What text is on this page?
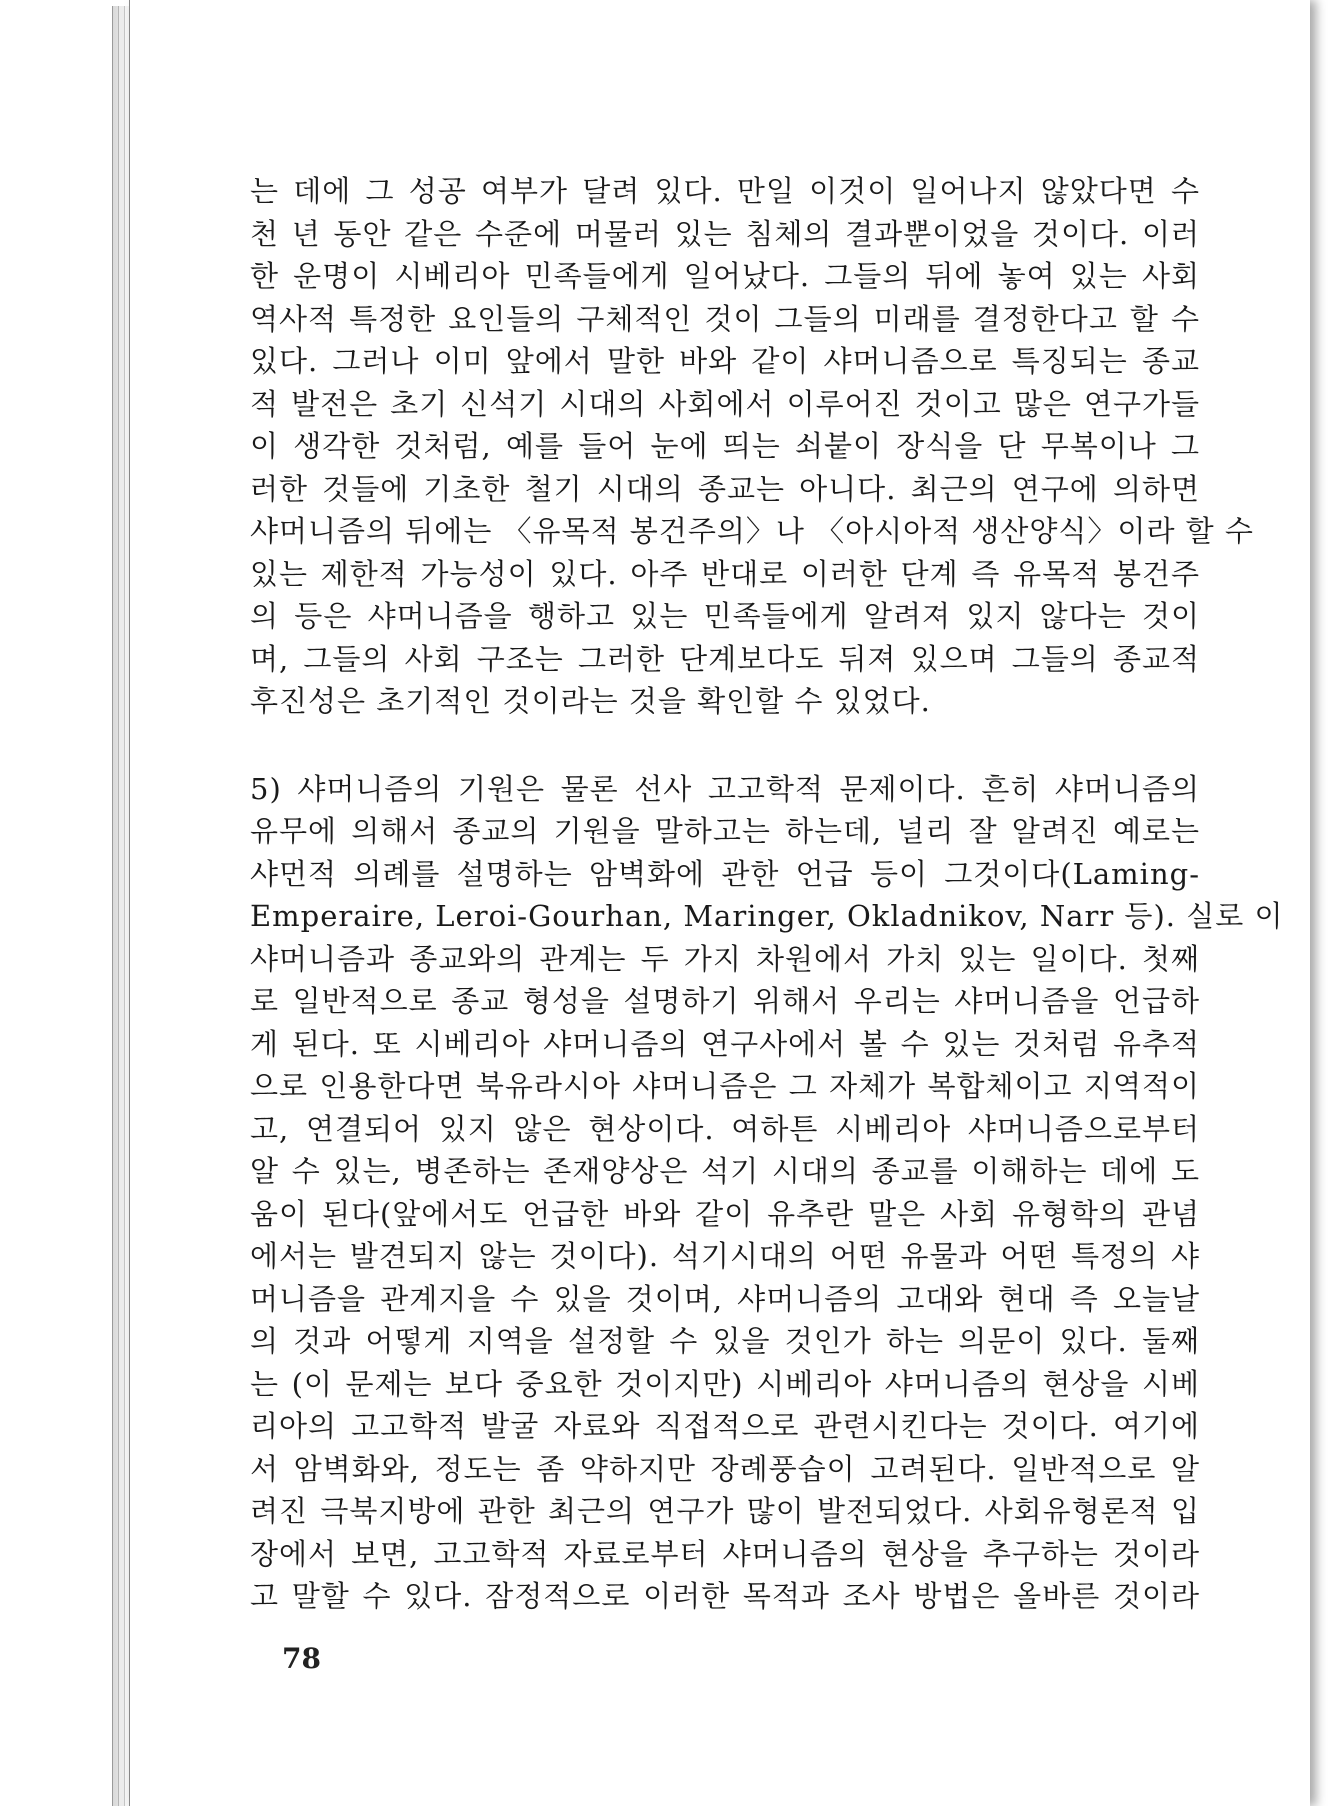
는 데에 그 성공 여부가 달려 있다. 만일 이것이 일어나지 않았다면 수
천 년 동안 같은 수준에 머물러 있는 침체의 결과뿐이었을 것이다. 이러
한 운명이 시베리아 민족들에게 일어났다. 그들의 뒤에 놓여 있는 사회
역사적 특정한 요인들의 구체적인 것이 그들의 미래를 결정한다고 할 수
있다. 그러나 이미 앞에서 말한 바와 같이 샤머니즘으로 특징되는 종교
적 발전은 초기 신석기 시대의 사회에서 이루어진 것이고 많은 연구가들
이 생각한 것처럼, 예를 들어 눈에 띄는 쇠붙이 장식을 단 무복이나 그
러한 것들에 기초한 철기 시대의 종교는 아니다. 최근의 연구에 의하면
샤머니즘의 뒤에는 〈유목적 봉건주의〉나 〈아시아적 생산양식〉이라 할 수
있는 제한적 가능성이 있다. 아주 반대로 이러한 단계 즉 유목적 봉건주
의 등은 샤머니즘을 행하고 있는 민족들에게 알려져 있지 않다는 것이
며, 그들의 사회 구조는 그러한 단계보다도 뒤져 있으며 그들의 종교적
후진성은 초기적인 것이라는 것을 확인할 수 있었다.
5) 샤머니즘의 기원은 물론 선사 고고학적 문제이다. 흔히 샤머니즘의
유무에 의해서 종교의 기원을 말하고는 하는데, 널리 잘 알려진 예로는
샤먼적 의례를 설명하는 암벽화에 관한 언급 등이 그것이다(Laming-
Emperaire, Leroi-Gourhan, Maringer, Okladnikov, Narr 등). 실로 이
샤머니즘과 종교와의 관계는 두 가지 차원에서 가치 있는 일이다. 첫째
로 일반적으로 종교 형성을 설명하기 위해서 우리는 샤머니즘을 언급하
게 된다. 또 시베리아 샤머니즘의 연구사에서 볼 수 있는 것처럼 유추적
으로 인용한다면 북유라시아 샤머니즘은 그 자체가 복합체이고 지역적이
고, 연결되어 있지 않은 현상이다. 여하튼 시베리아 샤머니즘으로부터
알 수 있는, 병존하는 존재양상은 석기 시대의 종교를 이해하는 데에 도
움이 된다(앞에서도 언급한 바와 같이 유추란 말은 사회 유형학의 관념
에서는 발견되지 않는 것이다). 석기시대의 어떤 유물과 어떤 특정의 샤
머니즘을 관계지을 수 있을 것이며, 샤머니즘의 고대와 현대 즉 오늘날
의 것과 어떻게 지역을 설정할 수 있을 것인가 하는 의문이 있다. 둘째
는 (이 문제는 보다 중요한 것이지만) 시베리아 샤머니즘의 현상을 시베
리아의 고고학적 발굴 자료와 직접적으로 관련시킨다는 것이다. 여기에
서 암벽화와, 정도는 좀 약하지만 장례풍습이 고려된다. 일반적으로 알
려진 극북지방에 관한 최근의 연구가 많이 발전되었다. 사회유형론적 입
장에서 보면, 고고학적 자료로부터 샤머니즘의 현상을 추구하는 것이라
고 말할 수 있다. 잠정적으로 이러한 목적과 조사 방법은 올바른 것이라
78
